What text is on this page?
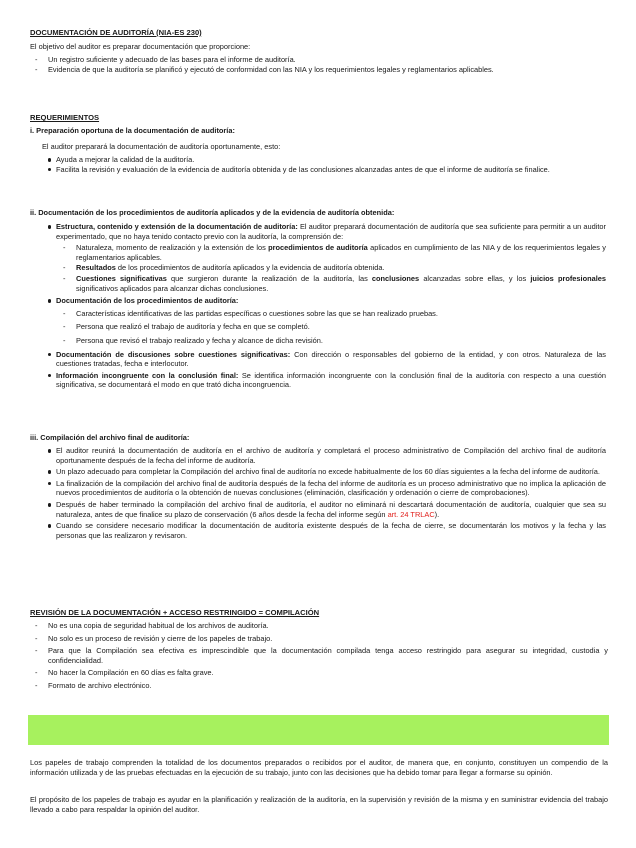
DOCUMENTACIÓN DE AUDITORÍA (NIA-ES 230)
El objetivo del auditor es preparar documentación que proporcione:
- Un registro suficiente y adecuado de las bases para el informe de auditoría.
- Evidencia de que la auditoría se planificó y ejecutó de conformidad con las NIA y los requerimientos legales y reglamentarios aplicables.
REQUERIMIENTOS
i. Preparación oportuna de la documentación de auditoría:
El auditor preparará la documentación de auditoría oportunamente, esto:
Ayuda a mejorar la calidad de la auditoría.
Facilita la revisión y evaluación de la evidencia de auditoría obtenida y de las conclusiones alcanzadas antes de que el informe de auditoría se finalice.
ii. Documentación de los procedimientos de auditoría aplicados y de la evidencia de auditoría obtenida:
Estructura, contenido y extensión de la documentación de auditoría: El auditor preparará documentación de auditoría que sea suficiente para permitir a un auditor experimentado, que no haya tenido contacto previo con la auditoría, la comprensión de:
- Naturaleza, momento de realización y la extensión de los procedimientos de auditoría aplicados en cumplimiento de las NIA y de los requerimientos legales y reglamentarios aplicables.
- Resultados de los procedimientos de auditoría aplicados y la evidencia de auditoría obtenida.
- Cuestiones significativas que surgieron durante la realización de la auditoría, las conclusiones alcanzadas sobre ellas, y los juicios profesionales significativos aplicados para alcanzar dichas conclusiones.
Documentación de los procedimientos de auditoría:
- Características identificativas de las partidas específicas o cuestiones sobre las que se han realizado pruebas.
- Persona que realizó el trabajo de auditoría y fecha en que se completó.
- Persona que revisó el trabajo realizado y fecha y alcance de dicha revisión.
Documentación de discusiones sobre cuestiones significativas: Con dirección o responsables del gobierno de la entidad, y con otros. Naturaleza de las cuestiones tratadas, fecha e interlocutor.
Información incongruente con la conclusión final: Se identifica información incongruente con la conclusión final de la auditoría con respecto a una cuestión significativa, se documentará el modo en que trató dicha incongruencia.
iii. Compilación del archivo final de auditoría:
El auditor reunirá la documentación de auditoría en el archivo de auditoría y completará el proceso administrativo de Compilación del archivo final de auditoría oportunamente después de la fecha del informe de auditoría.
Un plazo adecuado para completar la Compilación del archivo final de auditoría no excede habitualmente de los 60 días siguientes a la fecha del informe de auditoría.
La finalización de la compilación del archivo final de auditoría después de la fecha del informe de auditoría es un proceso administrativo que no implica la aplicación de nuevos procedimientos de auditoría o la obtención de nuevas conclusiones (eliminación, clasificación y ordenación o cierre de comprobaciones).
Después de haber terminado la compilación del archivo final de auditoría, el auditor no eliminará ni descartará documentación de auditoría, cualquier que sea su naturaleza, antes de que finalice su plazo de conservación (6 años desde la fecha del informe según art. 24 TRLAC).
Cuando se considere necesario modificar la documentación de auditoría existente después de la fecha de cierre, se documentarán los motivos y la fecha y las personas que las realizaron y revisaron.
REVISIÓN DE LA DOCUMENTACIÓN + ACCESO RESTRINGIDO = COMPILACIÓN
- No es una copia de seguridad habitual de los archivos de auditoría.
- No solo es un proceso de revisión y cierre de los papeles de trabajo.
- Para que la Compilación sea efectiva es imprescindible que la documentación compilada tenga acceso restringido para asegurar su integridad, custodia y confidencialidad.
- No hacer la Compilación en 60 días es falta grave.
- Formato de archivo electrónico.
Los papeles de trabajo comprenden la totalidad de los documentos preparados o recibidos por el auditor, de manera que, en conjunto, constituyen un compendio de la información utilizada y de las pruebas efectuadas en la ejecución de su trabajo, junto con las decisiones que ha debido tomar para llegar a formarse su opinión.
El propósito de los papeles de trabajo es ayudar en la planificación y realización de la auditoría, en la supervisión y revisión de la misma y en suministrar evidencia del trabajo llevado a cabo para respaldar la opinión del auditor.
